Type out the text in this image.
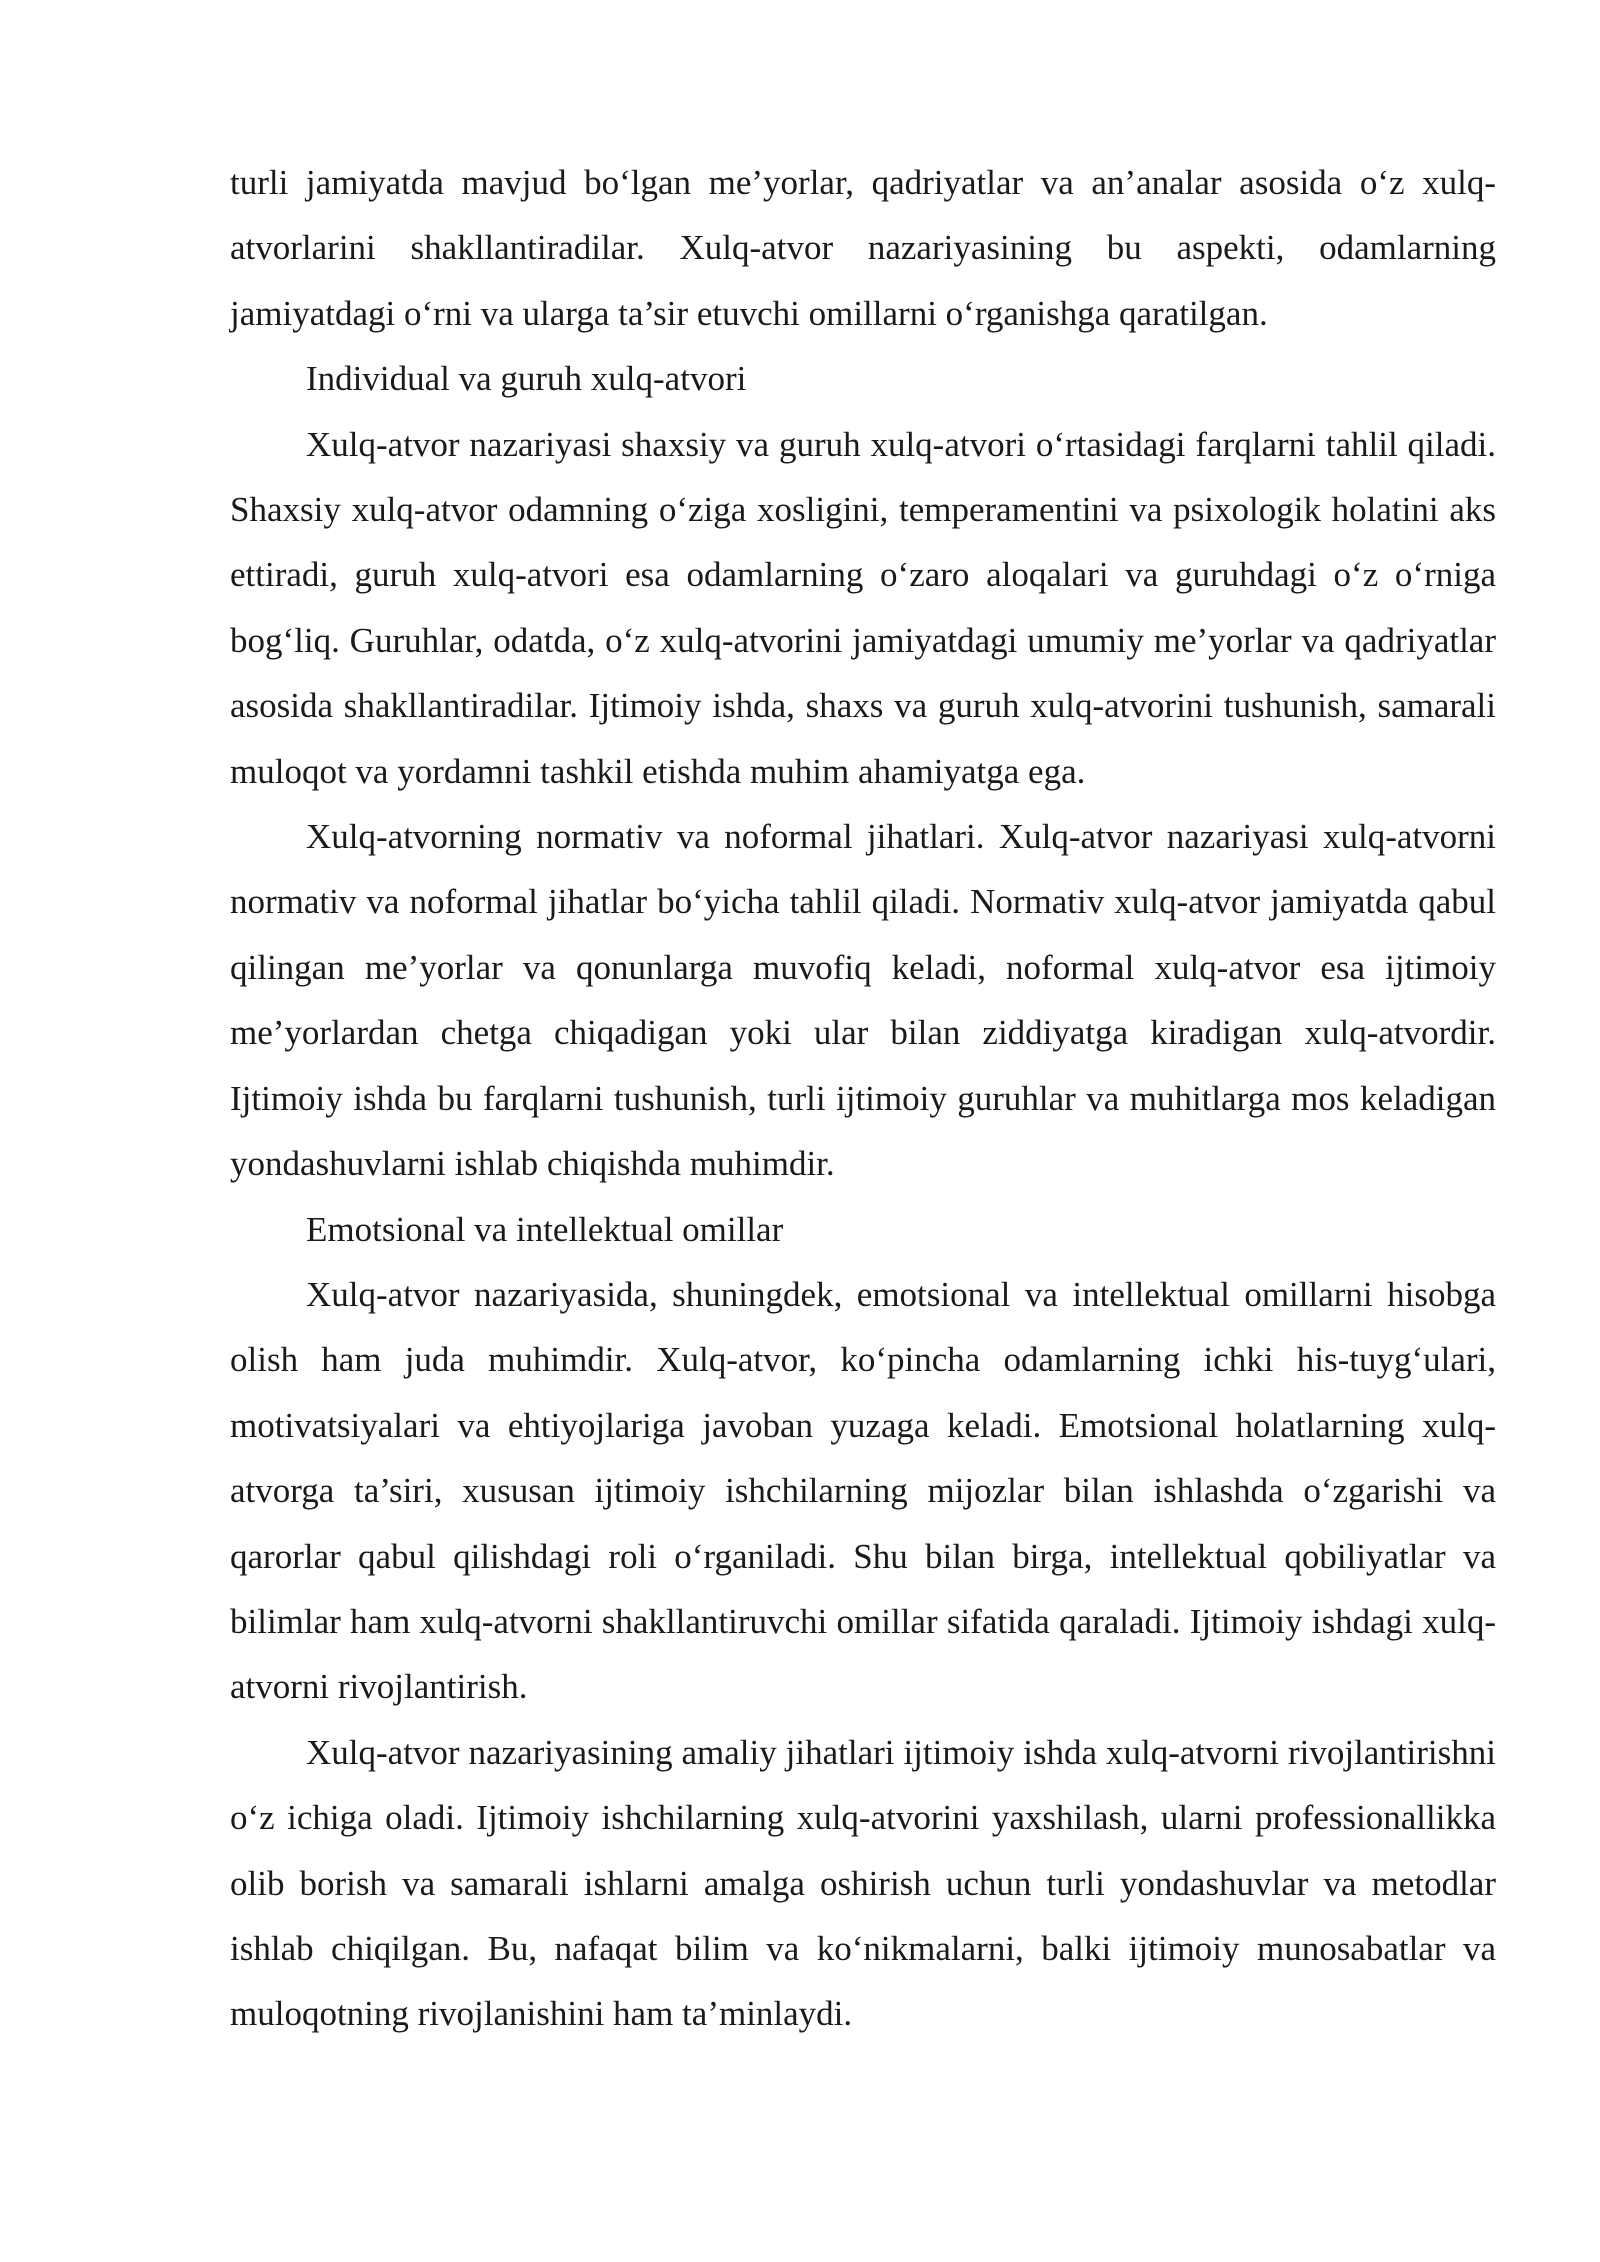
turli jamiyatda mavjud bo‘lgan me’yorlar, qadriyatlar va an’analar asosida o‘z xulq-atvorlarini shakllantiradilar. Xulq-atvor nazariyasining bu aspekti, odamlarning jamiyatdagi o‘rni va ularga ta’sir etuvchi omillarni o‘rganishga qaratilgan.

Individual va guruh xulq-atvori

Xulq-atvor nazariyasi shaxsiy va guruh xulq-atvori o‘rtasidagi farqlarni tahlil qiladi. Shaxsiy xulq-atvor odamning o‘ziga xosligini, temperamentini va psixologik holatini aks ettiradi, guruh xulq-atvori esa odamlarning o‘zaro aloqalari va guruhdagi o‘z o‘rniga bog‘liq. Guruhlar, odatda, o‘z xulq-atvorini jamiyatdagi umumiy me’yorlar va qadriyatlar asosida shakllantiradilar. Ijtimoiy ishda, shaxs va guruh xulq-atvorini tushunish, samarali muloqot va yordamni tashkil etishda muhim ahamiyatga ega.

Xulq-atvorning normativ va noformal jihatlari. Xulq-atvor nazariyasi xulq-atvorni normativ va noformal jihatlar bo‘yicha tahlil qiladi. Normativ xulq-atvor jamiyatda qabul qilingan me’yorlar va qonunlarga muvofiq keladi, noformal xulq-atvor esa ijtimoiy me’yorlardan chetga chiqadigan yoki ular bilan ziddiyatga kiradigan xulq-atvordir. Ijtimoiy ishda bu farqlarni tushunish, turli ijtimoiy guruhlar va muhitlarga mos keladigan yondashuvlarni ishlab chiqishda muhimdir.

Emotsional va intellektual omillar

Xulq-atvor nazariyasida, shuningdek, emotsional va intellektual omillarni hisobga olish ham juda muhimdir. Xulq-atvor, ko‘pincha odamlarning ichki his-tuyg‘ulari, motivatsiyalari va ehtiyojlariga javoban yuzaga keladi. Emotsional holatlarning xulq-atvorga ta’siri, xususan ijtimoiy ishchilarning mijozlar bilan ishlashda o‘zgarishi va qarorlar qabul qilishdagi roli o‘rganiladi. Shu bilan birga, intellektual qobiliyatlar va bilimlar ham xulq-atvorni shakllantiruvchi omillar sifatida qaraladi. Ijtimoiy ishdagi xulq-atvorni rivojlantirish.

Xulq-atvor nazariyasining amaliy jihatlari ijtimoiy ishda xulq-atvorni rivojlantirishni o‘z ichiga oladi. Ijtimoiy ishchilarning xulq-atvorini yaxshilash, ularni professionallikka olib borish va samarali ishlarni amalga oshirish uchun turli yondashuvlar va metodlar ishlab chiqilgan. Bu, nafaqat bilim va ko‘nikmalarni, balki ijtimoiy munosabatlar va muloqotning rivojlanishini ham ta’minlaydi.
